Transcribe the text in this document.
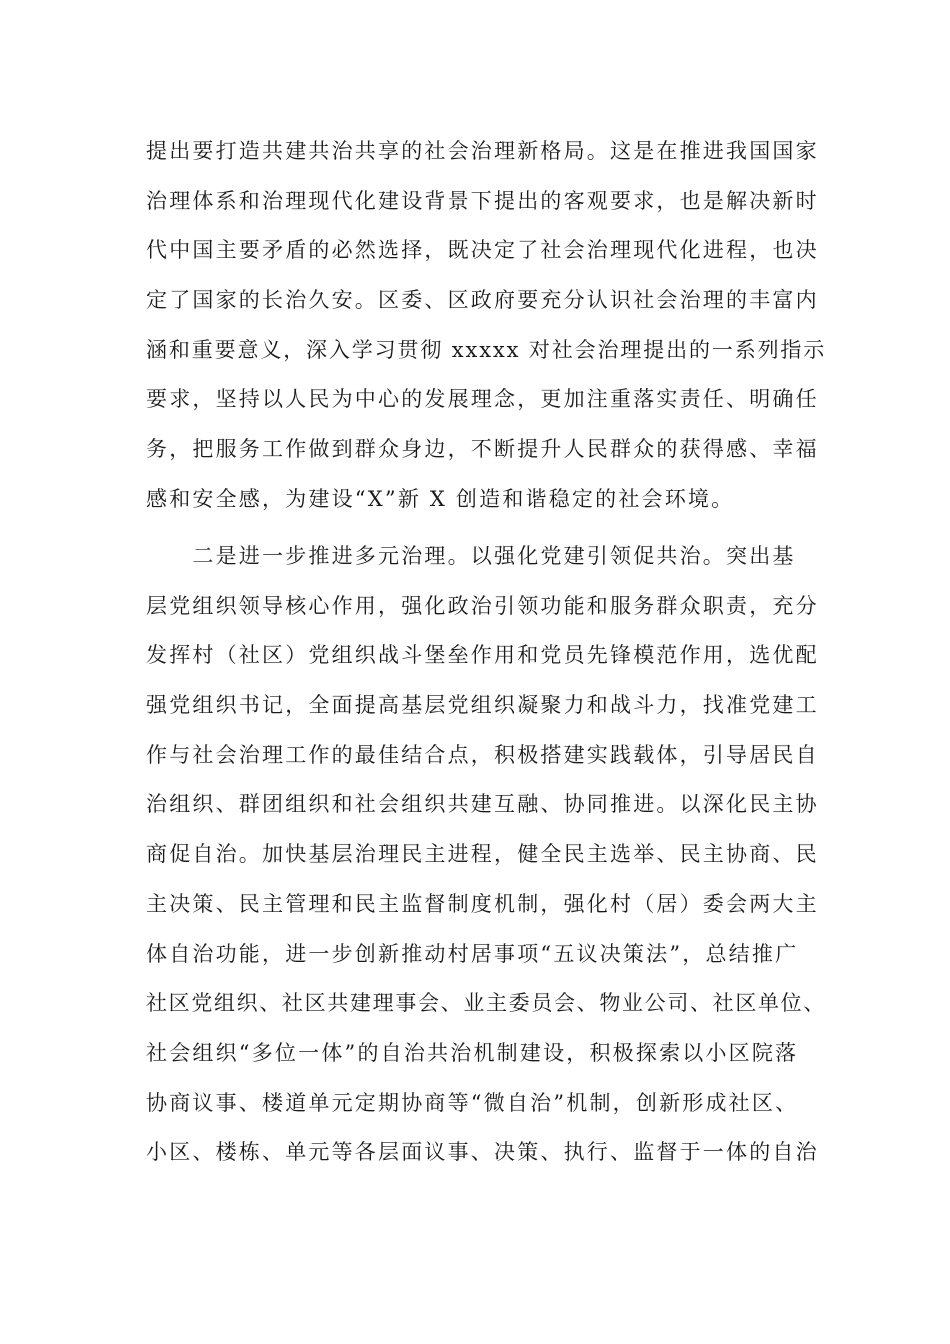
提出要打造共建共治共享的社会治理新格局。这是在推进我国国家
治理体系和治理现代化建设背景下提出的客观要求，也是解决新时
代中国主要矛盾的必然选择，既决定了社会治理现代化进程，也决
定了国家的长治久安。区委、区政府要充分认识社会治理的丰富内
涵和重要意义，深入学习贯彻 xxxxx 对社会治理提出的一系列指示
要求，坚持以人民为中心的发展理念，更加注重落实责任、明确任
务，把服务工作做到群众身边，不断提升人民群众的获得感、幸福
感和安全感，为建设“X”新 X 创造和谐稳定的社会环境。
　　二是进一步推进多元治理。以强化党建引领促共治。突出基
层党组织领导核心作用，强化政治引领功能和服务群众职责，充分
发挥村（社区）党组织战斗堡垒作用和党员先锋模范作用，选优配
强党组织书记，全面提高基层党组织凝聚力和战斗力，找准党建工
作与社会治理工作的最佳结合点，积极搭建实践载体，引导居民自
治组织、群团组织和社会组织共建互融、协同推进。以深化民主协
商促自治。加快基层治理民主进程，健全民主选举、民主协商、民
主决策、民主管理和民主监督制度机制，强化村（居）委会两大主
体自治功能，进一步创新推动村居事项“五议决策法”，总结推广
社区党组织、社区共建理事会、业主委员会、物业公司、社区单位、
社会组织“多位一体”的自治共治机制建设，积极探索以小区院落
协商议事、楼道单元定期协商等“微自治”机制，创新形成社区、
小区、楼栋、单元等各层面议事、决策、执行、监督于一体的自治
